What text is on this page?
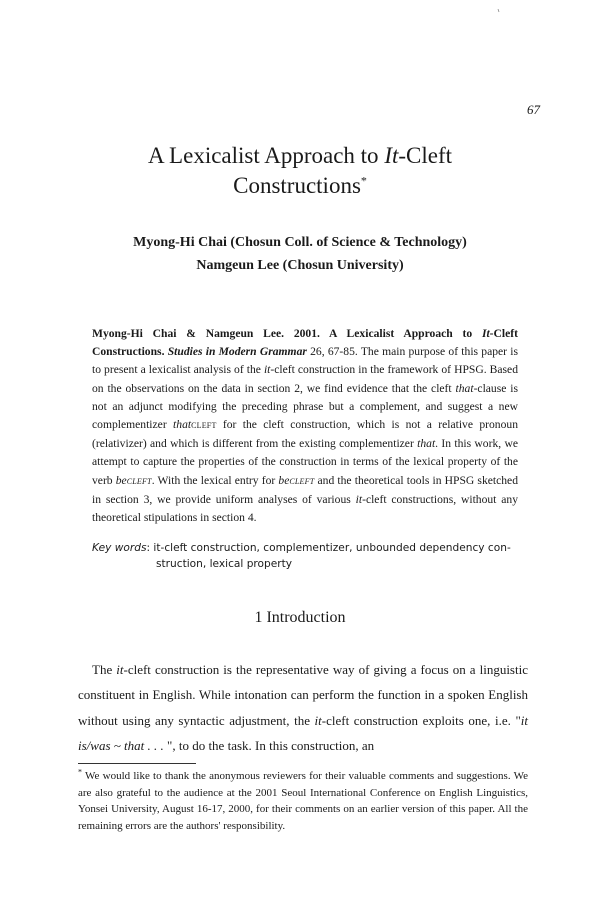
67
A Lexicalist Approach to It-Cleft
Constructions*
Myong-Hi Chai (Chosun Coll. of Science & Technology)
Namgeun Lee (Chosun University)
Myong-Hi Chai & Namgeun Lee. 2001. A Lexicalist Approach to It-Cleft Constructions. Studies in Modern Grammar 26, 67-85. The main purpose of this paper is to present a lexicalist analysis of the it-cleft construction in the framework of HPSG. Based on the observations on the data in section 2, we find evidence that the cleft that-clause is not an adjunct modifying the preceding phrase but a complement, and suggest a new complementizer thatCLEFT for the cleft construction, which is not a relative pronoun (relativizer) and which is different from the existing complementizer that. In this work, we attempt to capture the properties of the construction in terms of the lexical property of the verb beCLEFT. With the lexical entry for beCLEFT and the theoretical tools in HPSG sketched in section 3, we provide uniform analyses of various it-cleft constructions, without any theoretical stipulations in section 4.
Key words: it-cleft construction, complementizer, unbounded dependency con-
struction, lexical property
1 Introduction
The it-cleft construction is the representative way of giving a focus on a linguistic constituent in English. While intonation can perform the function in a spoken English without using any syntactic adjustment, the it-cleft construction exploits one, i.e. "it is/was ~ that . . . ", to do the task. In this construction, an
* We would like to thank the anonymous reviewers for their valuable comments and suggestions. We are also grateful to the audience at the 2001 Seoul International Conference on English Linguistics, Yonsei University, August 16-17, 2000, for their comments on an earlier version of this paper. All the remaining errors are the authors' responsibility.
